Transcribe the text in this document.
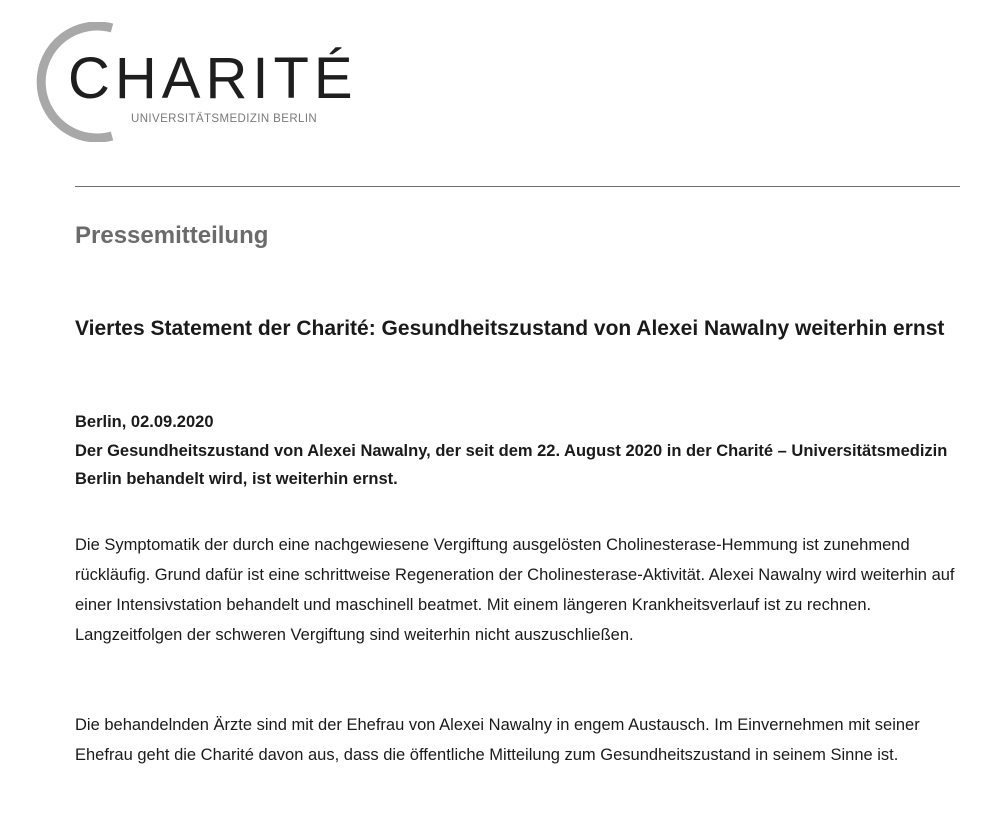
CHARITÉ
UNIVERSITÄTSMEDIZIN BERLIN
Pressemitteilung
Viertes Statement der Charité: Gesundheitszustand von Alexei Nawalny weiterhin ernst
Berlin, 02.09.2020
Der Gesundheitszustand von Alexei Nawalny, der seit dem 22. August 2020 in der Charité – Universitätsmedizin Berlin behandelt wird, ist weiterhin ernst.
Die Symptomatik der durch eine nachgewiesene Vergiftung ausgelösten Cholinesterase-Hemmung ist zunehmend rückläufig. Grund dafür ist eine schrittweise Regeneration der Cholinesterase-Aktivität. Alexei Nawalny wird weiterhin auf einer Intensivstation behandelt und maschinell beatmet. Mit einem längeren Krankheitsverlauf ist zu rechnen. Langzeitfolgen der schweren Vergiftung sind weiterhin nicht auszuschließen.
Die behandelnden Ärzte sind mit der Ehefrau von Alexei Nawalny in engem Austausch. Im Einvernehmen mit seiner Ehefrau geht die Charité davon aus, dass die öffentliche Mitteilung zum Gesundheitszustand in seinem Sinne ist.
